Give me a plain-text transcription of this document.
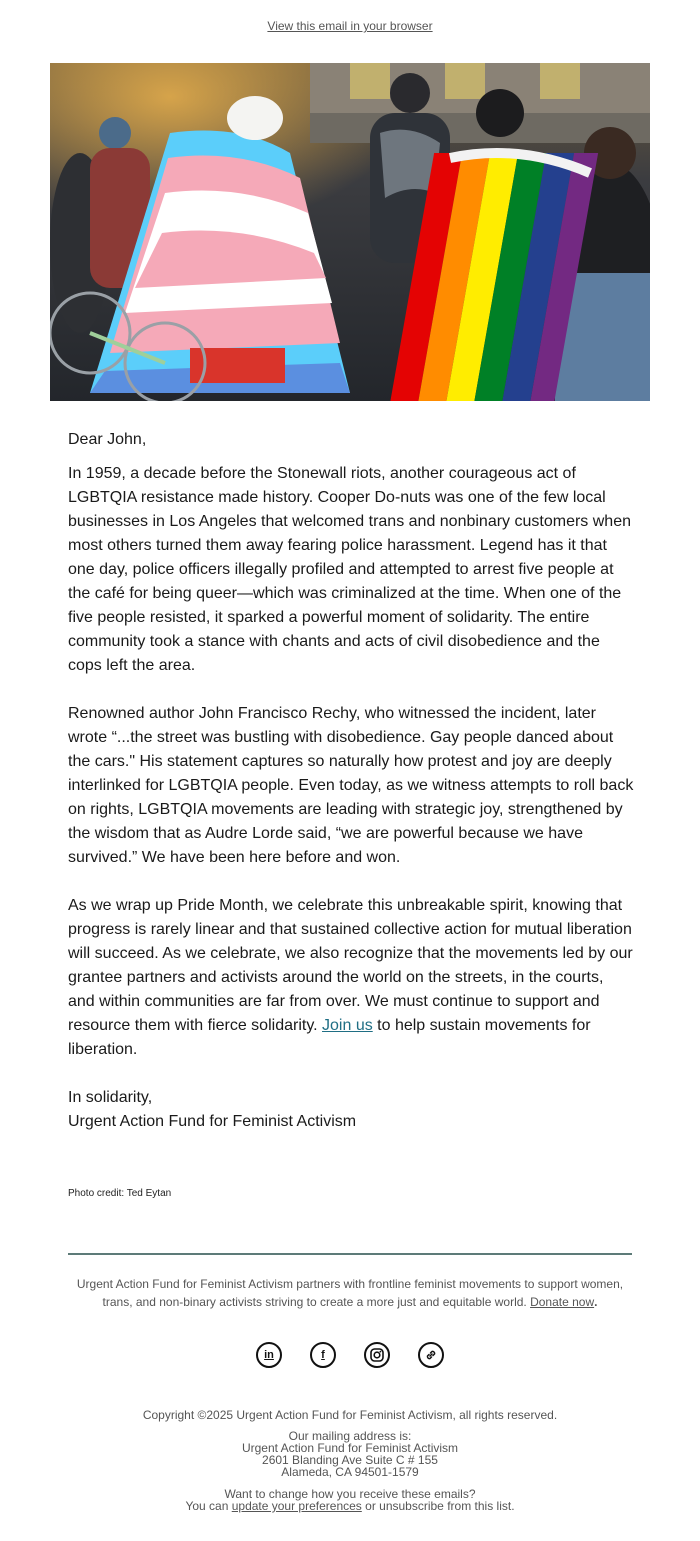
View this email in your browser

Dear John,

In 1959, a decade before the Stonewall riots, another courageous act of LGBTQIA resistance made history. Cooper Do-nuts was one of the few local businesses in Los Angeles that welcomed trans and nonbinary customers when most others turned them away fearing police harassment. Legend has it that one day, police officers illegally profiled and attempted to arrest five people at the café for being queer—which was criminalized at the time. When one of the five people resisted, it sparked a powerful moment of solidarity. The entire community took a stance with chants and acts of civil disobedience and the cops left the area.

Renowned author John Francisco Rechy, who witnessed the incident, later wrote “...the street was bustling with disobedience. Gay people danced about the cars." His statement captures so naturally how protest and joy are deeply interlinked for LGBTQIA people. Even today, as we witness attempts to roll back on rights, LGBTQIA movements are leading with strategic joy, strengthened by the wisdom that as Audre Lorde said, “we are powerful because we have survived.” We have been here before and won.

As we wrap up Pride Month, we celebrate this unbreakable spirit, knowing that progress is rarely linear and that sustained collective action for mutual liberation will succeed. As we celebrate, we also recognize that the movements led by our grantee partners and activists around the world on the streets, in the courts, and within communities are far from over. We must continue to support and resource them with fierce solidarity. Join us to help sustain movements for liberation.

In solidarity,

Urgent Action Fund for Feminist Activism

Photo credit: Ted Eytan
Urgent Action Fund for Feminist Activism partners with frontline feminist movements to support women, trans, and non-binary activists striving to create a more just and equitable world. Donate now.
in	f
Copyright ©2025 Urgent Action Fund for Feminist Activism, all rights reserved.
Our mailing address is:
Urgent Action Fund for Feminist Activism
2601 Blanding Ave Suite C # 155
Alameda, CA 94501-1579
Want to change how you receive these emails?
You can update your preferences or unsubscribe from this list.
